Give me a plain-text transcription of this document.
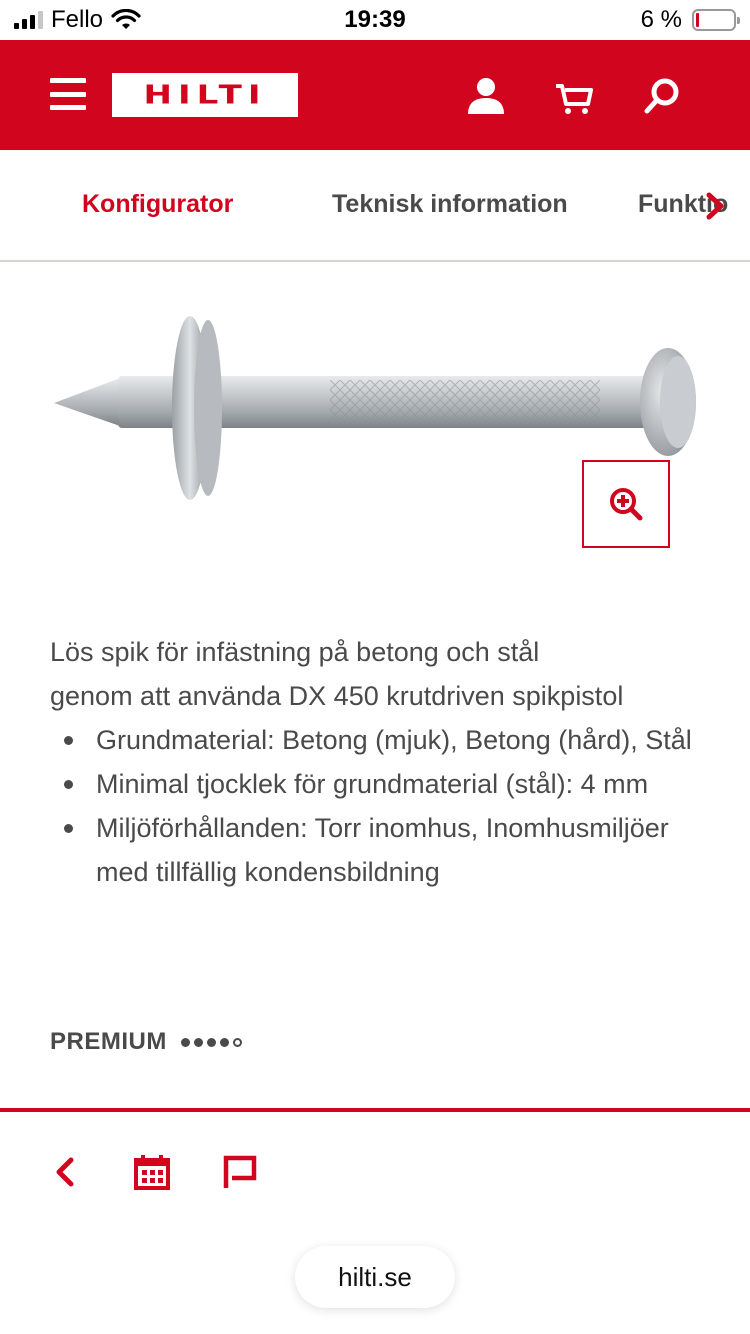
Fello	19:39	6 %
HILTI
Konfigurator	Teknisk information	Funktio
Lös spik för infästning på betong och stål
genom att använda DX 450 krutdriven spikpistol
Grundmaterial: Betong (mjuk), Betong (hård), Stål
Minimal tjocklek för grundmaterial (stål): 4 mm
Miljöförhållanden: Torr inomhus, Inomhusmiljöer med tillfällig kondensbildning
PREMIUM
hilti.se
